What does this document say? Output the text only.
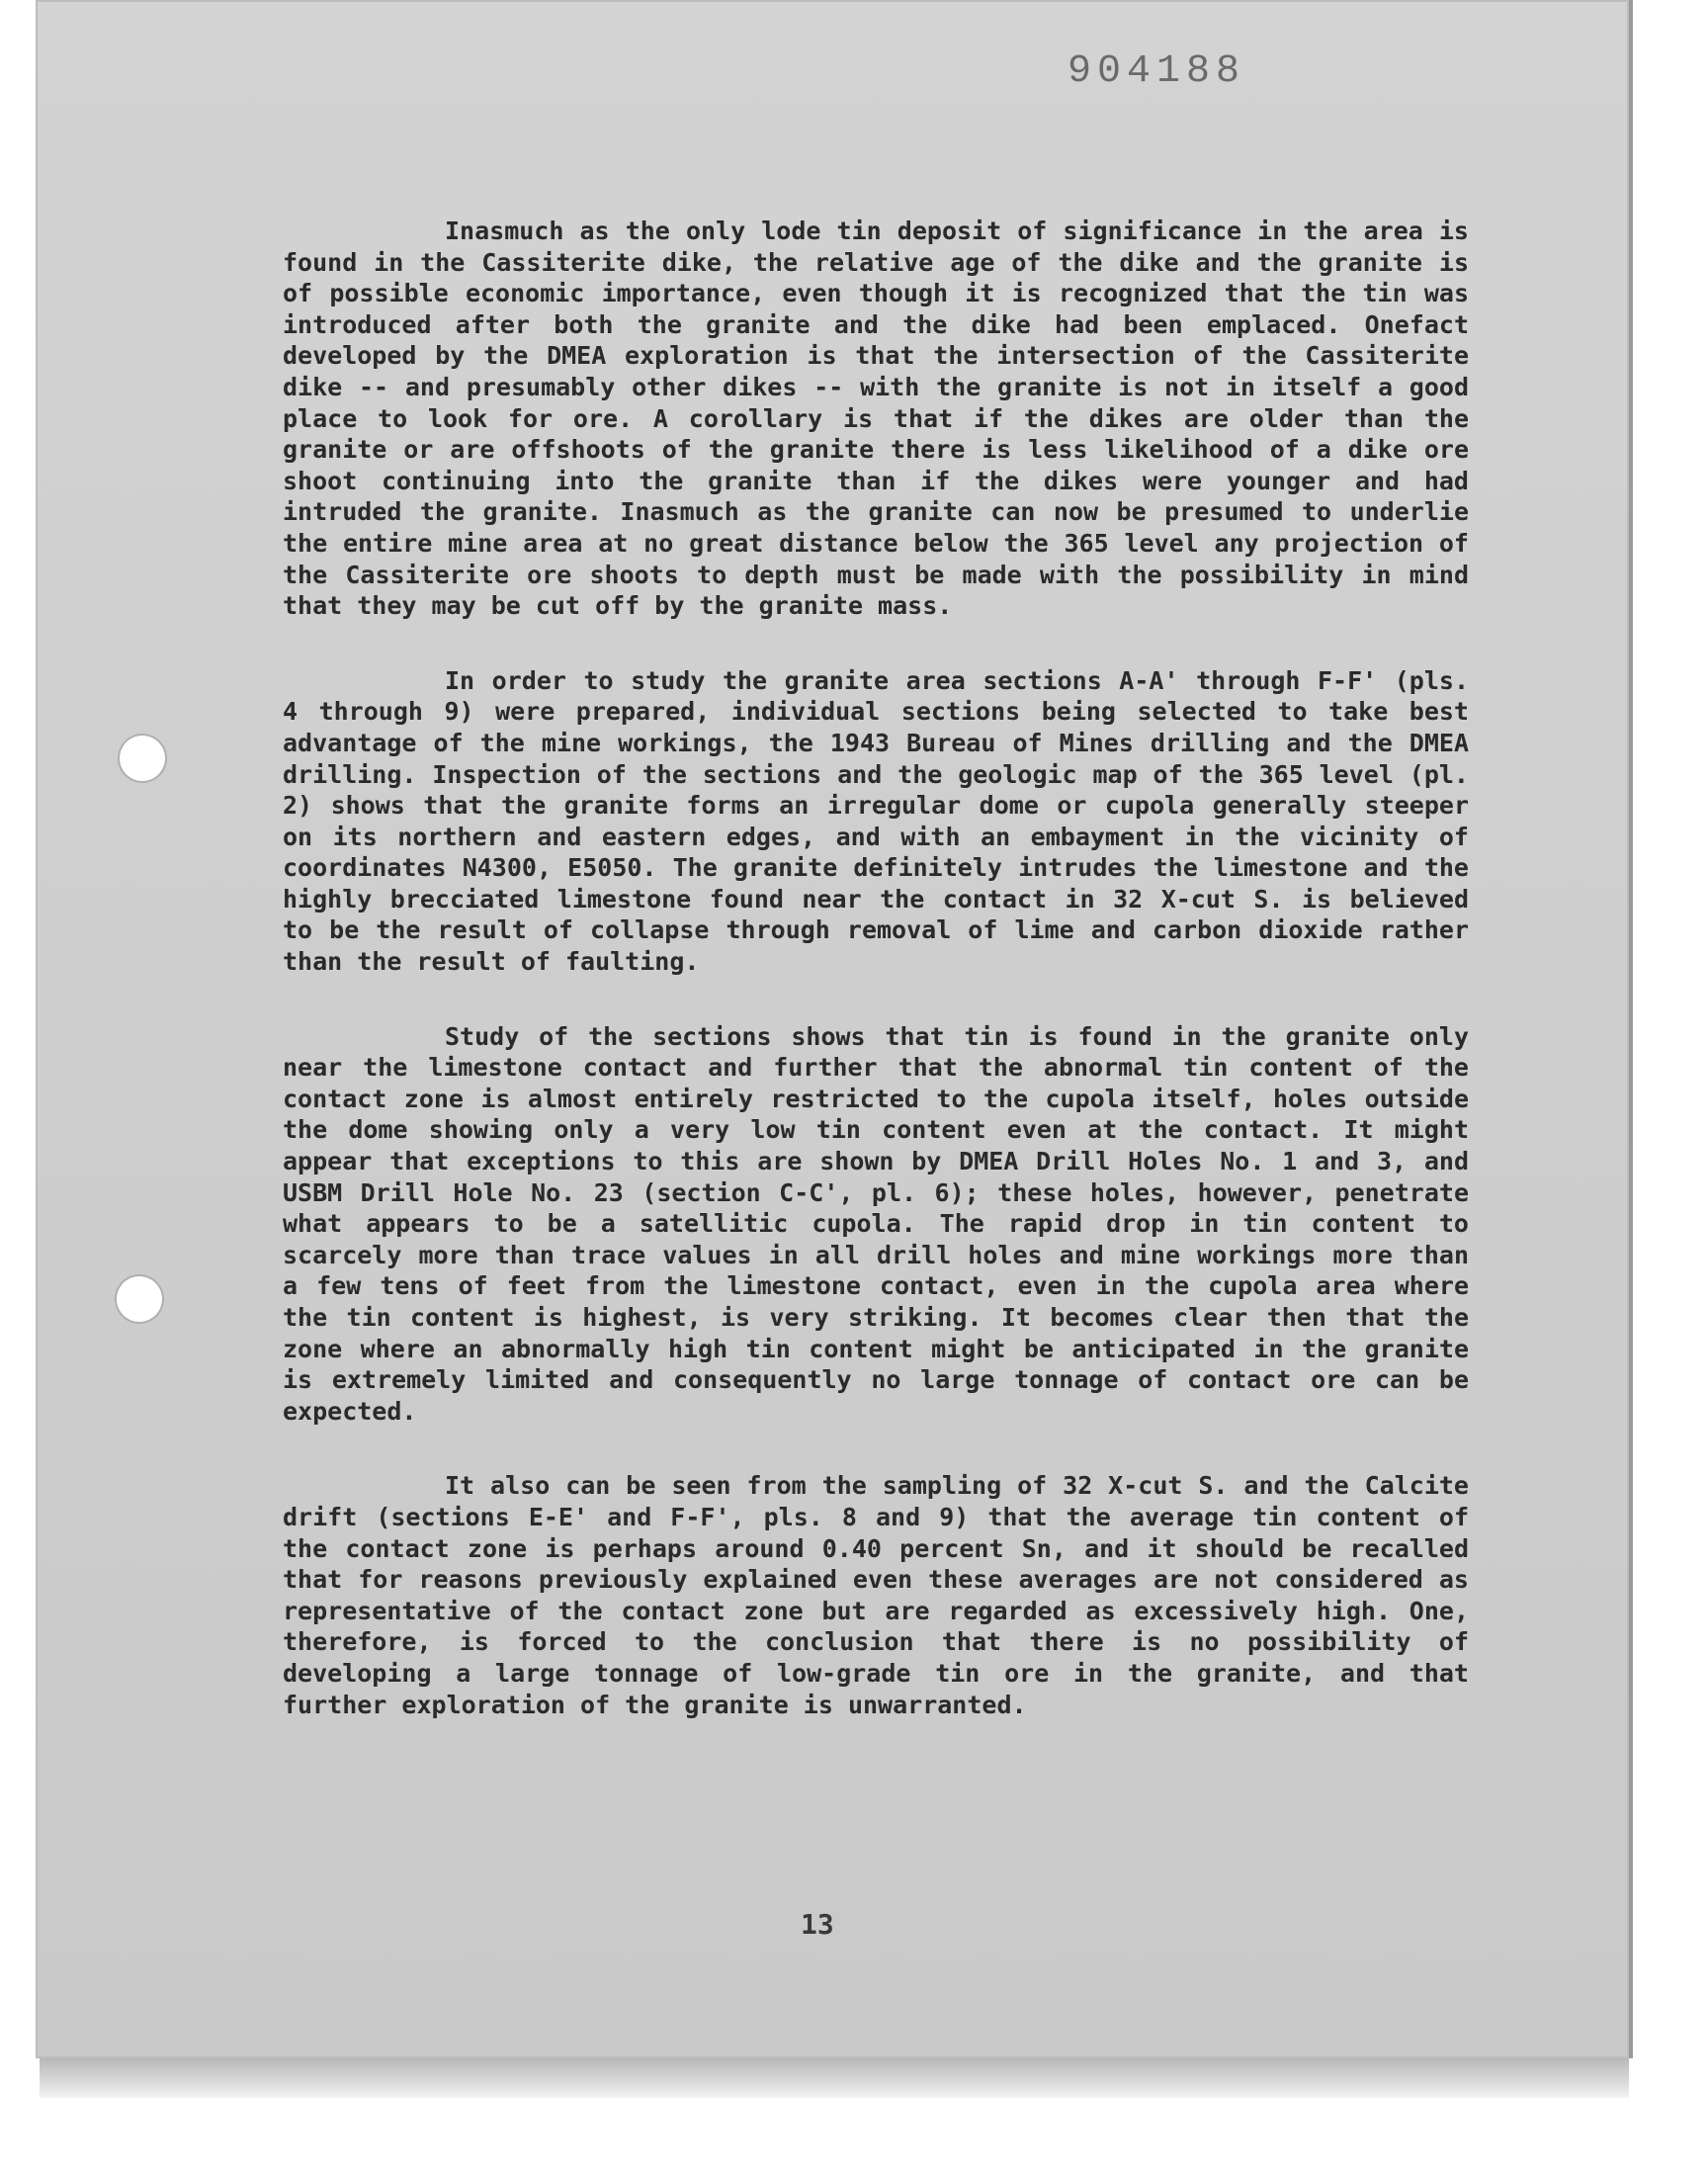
904188

Inasmuch as the only lode tin deposit of significance in the area is found in the Cassiterite dike, the relative age of the dike and the granite is of possible economic importance, even though it is recognized that the tin was introduced after both the granite and the dike had been emplaced. Onefact developed by the DMEA exploration is that the intersection of the Cassiterite dike -- and presumably other dikes -- with the granite is not in itself a good place to look for ore. A corollary is that if the dikes are older than the granite or are offshoots of the granite there is less likelihood of a dike ore shoot continuing into the granite than if the dikes were younger and had intruded the granite. Inasmuch as the granite can now be presumed to underlie the entire mine area at no great distance below the 365 level any projection of the Cassiterite ore shoots to depth must be made with the possibility in mind that they may be cut off by the granite mass.

In order to study the granite area sections A-A' through F-F' (pls. 4 through 9) were prepared, individual sections being selected to take best advantage of the mine workings, the 1943 Bureau of Mines drilling and the DMEA drilling. Inspection of the sections and the geologic map of the 365 level (pl. 2) shows that the granite forms an irregular dome or cupola generally steeper on its northern and eastern edges, and with an embayment in the vicinity of coordinates N4300, E5050. The granite definitely intrudes the limestone and the highly brecciated limestone found near the contact in 32 X-cut S. is believed to be the result of collapse through removal of lime and carbon dioxide rather than the result of faulting.

Study of the sections shows that tin is found in the granite only near the limestone contact and further that the abnormal tin content of the contact zone is almost entirely restricted to the cupola itself, holes outside the dome showing only a very low tin content even at the contact. It might appear that exceptions to this are shown by DMEA Drill Holes No. 1 and 3, and USBM Drill Hole No. 23 (section C-C', pl. 6); these holes, however, penetrate what appears to be a satellitic cupola. The rapid drop in tin content to scarcely more than trace values in all drill holes and mine workings more than a few tens of feet from the limestone contact, even in the cupola area where the tin content is highest, is very striking. It becomes clear then that the zone where an abnormally high tin content might be anticipated in the granite is extremely limited and consequently no large tonnage of contact ore can be expected.

It also can be seen from the sampling of 32 X-cut S. and the Calcite drift (sections E-E' and F-F', pls. 8 and 9) that the average tin content of the contact zone is perhaps around 0.40 percent Sn, and it should be recalled that for reasons previously explained even these averages are not considered as representative of the contact zone but are regarded as excessively high. One, therefore, is forced to the conclusion that there is no possibility of developing a large tonnage of low-grade tin ore in the granite, and that further exploration of the granite is unwarranted.

13
